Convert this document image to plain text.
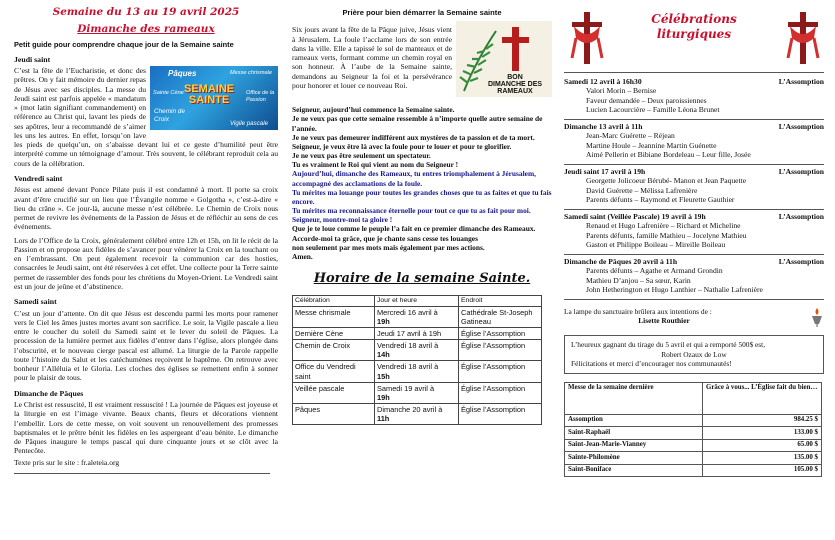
Semaine du 13 au 19 avril 2025
Dimanche des rameaux
Petit guide pour comprendre chaque jour de la Semaine sainte
Jeudi saint
Pâques	Messe chrismale
Sainte Cène SEMAINE
SAINTE
Office de la Passion
Chemin de Croix
Vigile pascale

C’est la fête de l’Eucharistie, et donc des prêtres. On y fait mémoire du dernier repas de Jésus avec ses disciples. La messe du Jeudi saint est parfois appelée « mandatum » (mot latin signifiant commandement) en référence au Christ qui, lavant les pieds de ses apôtres, leur a recommandé de s’aimer les uns les autres. En effet, lorsqu’on lave les pieds de quelqu’un, on s’abaisse devant lui et ce geste d’humilité peut être interprété comme un témoignage d’amour. Très souvent, le célébrant reproduit cela au cours de la célébration.

Vendredi saint

Jésus est amené devant Ponce Pilate puis il est condamné à mort. Il porte sa croix avant d’être crucifié sur un lieu que l’Évangile nomme « Golgotha », c’est-à-dire « lieu du crâne ». Ce jour-là, aucune messe n’est célébrée. Le Chemin de Croix nous permet de revivre les événements de la Passion de Jésus et de réfléchir au sens de ces événements.

Lors de l’Office de la Croix, généralement célébré entre 12h et 15h, on lit le récit de la Passion et on propose aux fidèles de s’avancer pour vénérer la Croix en la touchant ou en l’embrassant. On peut également recevoir la communion car des hosties, consacrées le Jeudi saint, ont été réservées à cet effet. Une collecte pour la Terre sainte permet de rassembler des fonds pour les chrétiens du Moyen-Orient. Le Vendredi saint est un jour de jeûne et d’abstinence.

Samedi saint

C’est un jour d’attente. On dit que Jésus est descendu parmi les morts pour ramener vers le Ciel les âmes justes mortes avant son sacrifice. Le soir, la Vigile pascale a lieu entre le coucher du soleil du Samedi saint et le lever du soleil de Pâques. La procession de la lumière permet aux fidèles d’entrer dans l’église, alors plongée dans l’obscurité, et le nouveau cierge pascal est allumé. La liturgie de la Parole rappelle toute l’histoire du Salut et les catéchumènes reçoivent le baptême. On retrouve avec bonheur l’Alléluia et le Gloria. Les cloches des églises se remettent enfin à sonner pour le plaisir de tous.

Dimanche de Pâques

Le Christ est ressuscité, Il est vraiment ressuscité ! La journée de Pâques est joyeuse et la liturgie en est l’image vivante. Beaux chants, fleurs et décorations viennent l’embellir. Lors de cette messe, on voit souvent un renouvellement des promesses baptismales et le prêtre bénit les fidèles en les aspergeant d’eau bénite. Le dimanche de Pâques inaugure le temps pascal qui dure cinquante jours et se clôt avec la Pentecôte.

Texte pris sur le site : fr.aleteia.org

Prière pour bien démarrer la Semaine sainte
BON
DIMANCHE DES
RAMEAUX

Six jours avant la fête de la Pâque juive, Jésus vient à Jérusalem. La foule l’acclame lors de son entrée dans la ville. Elle a tapissé le sol de manteaux et de rameaux verts, formant comme un chemin royal en son honneur. À l’aube de la Semaine sainte, demandons au Seigneur la foi et la persévérance pour honorer et louer ce nouveau Roi.

Seigneur, aujourd’hui commence la Semaine sainte.
Je ne veux pas que cette semaine ressemble à n’importe quelle autre semaine de l’année.
Je ne veux pas demeurer indifférent aux mystères de ta passion et de ta mort.
Seigneur, je veux être là avec la foule pour te louer et pour te glorifier.
Je ne veux pas être seulement un spectateur.
Tu es vraiment le Roi qui vient au nom du Seigneur !
Aujourd’hui, dimanche des Rameaux, tu entres triomphalement à Jérusalem,
accompagné des acclamations de la foule.
Tu mérites ma louange pour toutes les grandes choses que tu as faites et que tu fais encore.
Tu mérites ma reconnaissance éternelle pour tout ce que tu as fait pour moi.
Seigneur, montre-moi ta gloire !
Que je te loue comme le peuple l’a fait en ce premier dimanche des Rameaux.
Accorde-moi ta grâce, que je chante sans cesse tes louanges
non seulement par mes mots mais également par mes actions.
Amen.
Horaire de la semaine Sainte.
Célébration	Jour et heure	Endroit
Messe chrismale	Mercredi 16 avril à
19h	Cathédrale St-Joseph Gatineau
Dernière Cène	Jeudi 17 avril à 19h	Église l’Assomption
Chemin de Croix	Vendredi 18 avril à
14h	Église l’Assomption
Office du Vendredi saint	Vendredi 18 avril à
15h	Église l’Assomption
Veillée pascale	Samedi 19 avril à
19h	Église l’Assomption
Pâques	Dimanche 20 avril à
11h	Église l’Assomption
Célébrations
liturgiques
Samedi 12 avril à 16h30	L’Assomption
Valori Morin – Bernise
Faveur demandée – Deux paroissiennes
Lucien Lacourcière – Famille Léona Brunet
Dimanche 13 avril à 11h	L’Assomption
Jean-Marc Guérette – Réjean
Martine Houle – Jeannine Martin Guénette
Aimé Pellerin et Bibiane Bordeleau – Leur fille, Josée
Jeudi saint 17 avril à 19h	L’Assomption
Georgette Jolicoeur Bérubé- Manon et Jean Paquette
David Guérette – Mélissa Lafrenière
Parents défunts – Raymond et Fleurette Gauthier
Samedi saint (Veillée Pascale) 19 avril à 19h	L’Assomption
Renaud et Hugo Lafrenière – Richard et Micheline
Parents défunts, famille Mathieu – Jocelyne Mathieu
Gaston et Philippe Boileau – Mireille Boileau
Dimanche de Pâques 20 avril à 11h	L’Assomption
Parents défunts – Agathe et Armand Grondin
Mathieu D’anjou – Sa sœur, Karin
John Hetherington et Hugo Lanthier – Nathalie Lafrenière
La lampe du sanctuaire brûlera aux intentions de :
Lisette Routhier
L’heureux gagnant du tirage du 5 avril et qui a remporté 500$ est,
Robert Ozaux de Low
Félicitations et merci d’encourager nos communautés!
Messe de la semaine dernière	Grâce à vous... L’Église fait du bien…
Assomption	984.25 $
Saint-Raphaël	133.00 $
Saint-Jean-Marie-Vianney	65.00 $
Sainte-Philomène	135.00 $
Saint-Boniface	105.00 $
